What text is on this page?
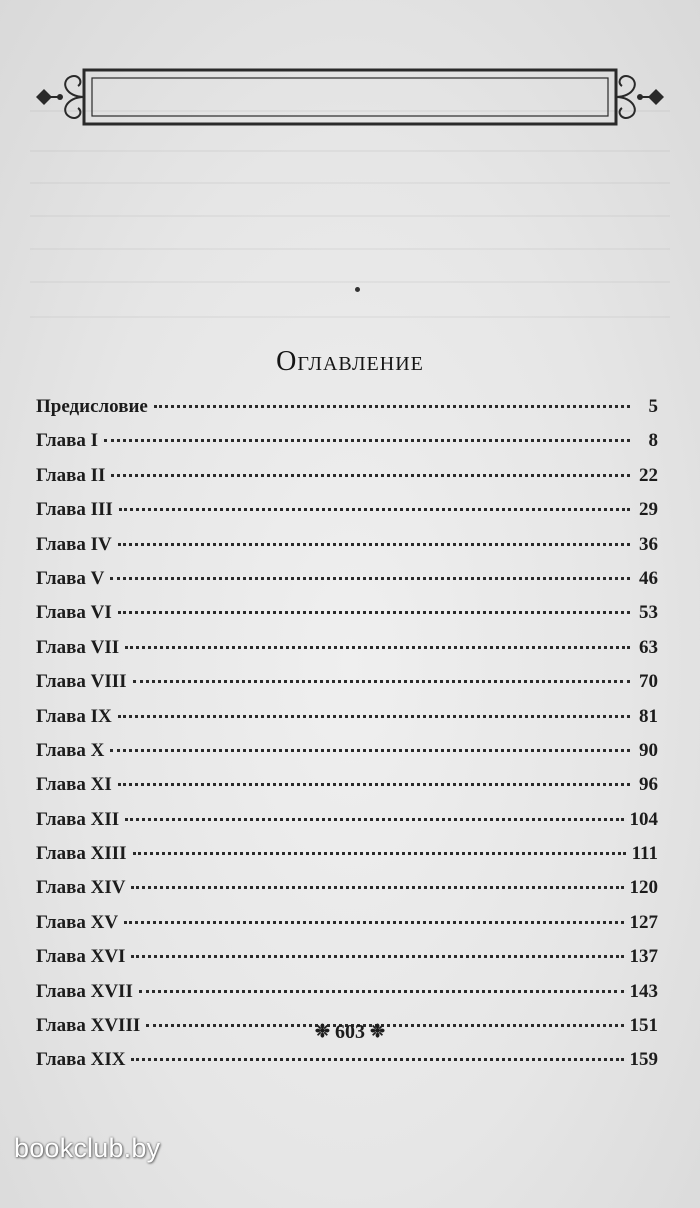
Оглавление
Предисловие	5
Глава I	8
Глава II	22
Глава III	29
Глава IV	36
Глава V	46
Глава VI	53
Глава VII	63
Глава VIII	70
Глава IX	81
Глава X	90
Глава XI	96
Глава XII	104
Глава XIII	111
Глава XIV	120
Глава XV	127
Глава XVI	137
Глава XVII	143
Глава XVIII	151
Глава XIX	159
❉ 603 ❉
bookclub.by
